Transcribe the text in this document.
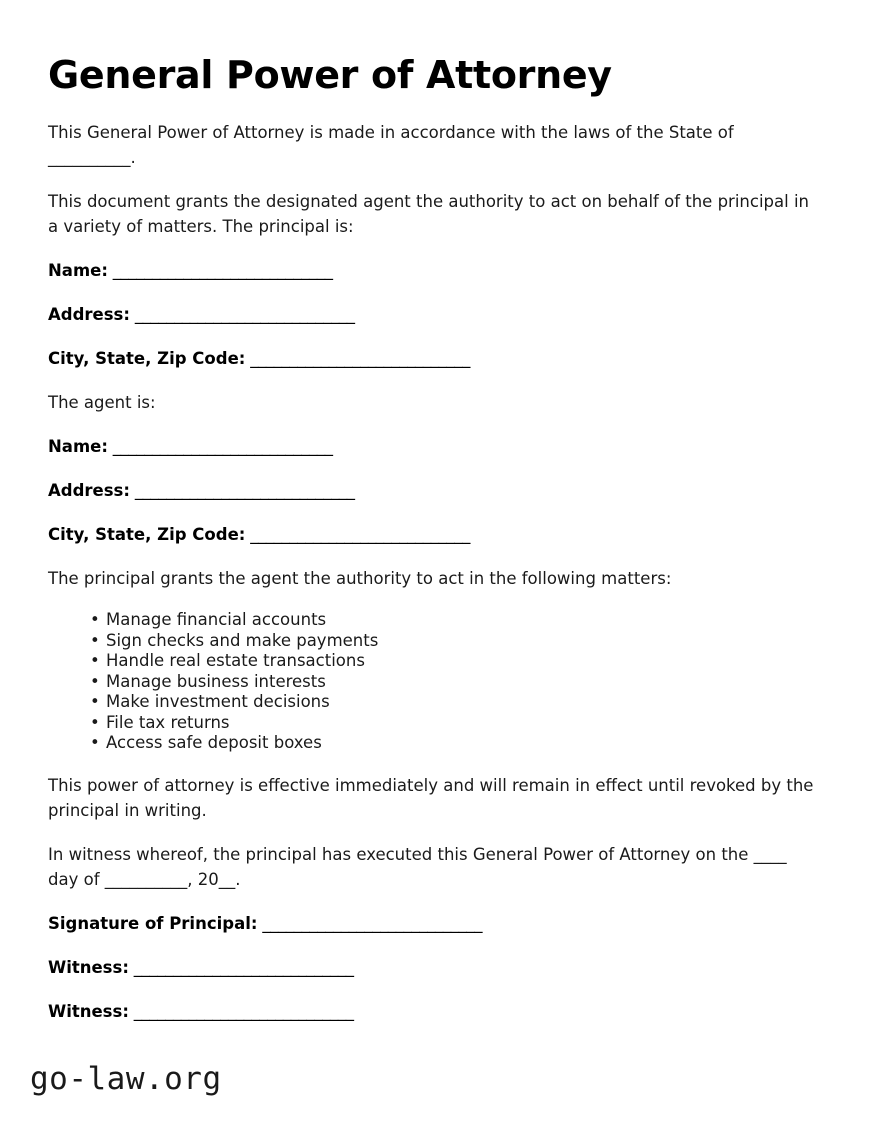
General Power of Attorney

This General Power of Attorney is made in accordance with the laws of the State of __________.

This document grants the designated agent the authority to act on behalf of the principal in a variety of matters. The principal is:

Name: ____________________________

Address: ____________________________

City, State, Zip Code: ____________________________

The agent is:

Name: ____________________________

Address: ____________________________

City, State, Zip Code: ____________________________

The principal grants the agent the authority to act in the following matters:

• Manage financial accounts
• Sign checks and make payments
• Handle real estate transactions
• Manage business interests
• Make investment decisions
• File tax returns
• Access safe deposit boxes

This power of attorney is effective immediately and will remain in effect until revoked by the principal in writing.

In witness whereof, the principal has executed this General Power of Attorney on the ____ day of __________, 20__.

Signature of Principal: ____________________________

Witness: ____________________________

Witness: ____________________________

go-law.org
